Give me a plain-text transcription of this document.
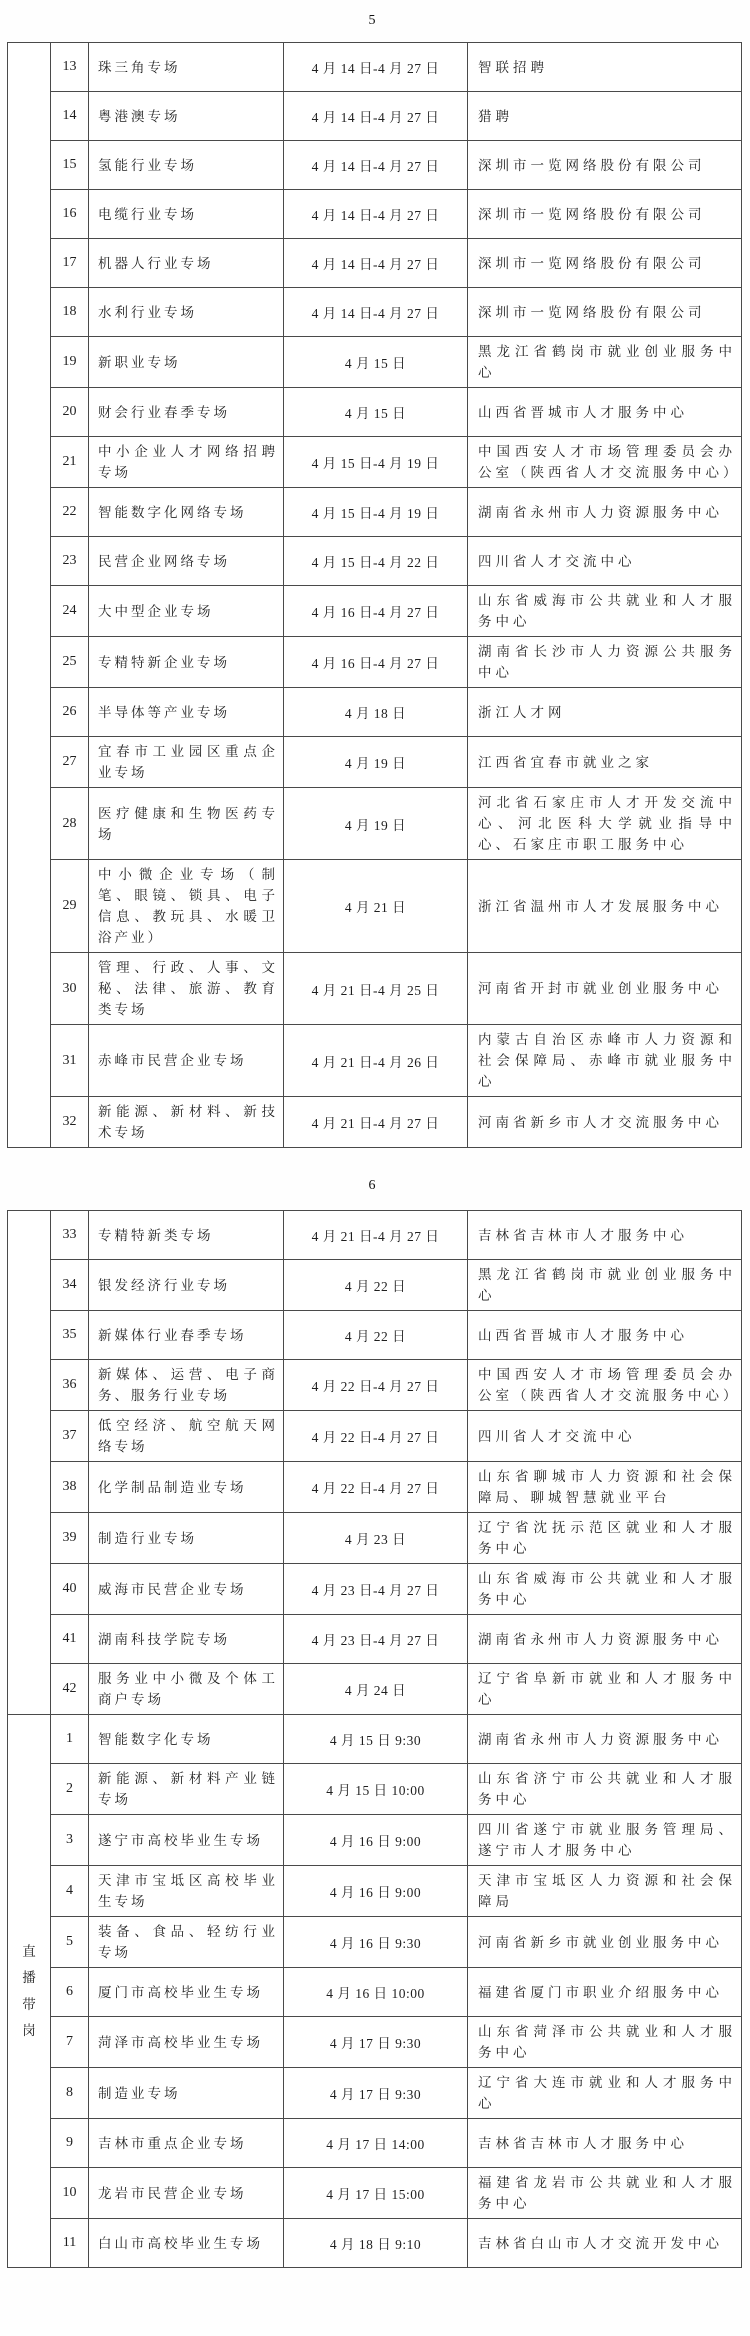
5
	13	珠三角专场	4 月 14 日-4 月 27 日	智联招聘
	14	粤港澳专场	4 月 14 日-4 月 27 日	猎聘
	15	氢能行业专场	4 月 14 日-4 月 27 日	深圳市一览网络股份有限公司
	16	电缆行业专场	4 月 14 日-4 月 27 日	深圳市一览网络股份有限公司
	17	机器人行业专场	4 月 14 日-4 月 27 日	深圳市一览网络股份有限公司
	18	水利行业专场	4 月 14 日-4 月 27 日	深圳市一览网络股份有限公司
	19	新职业专场	4 月 15 日	黑龙江省鹤岗市就业创业服务中心
	20	财会行业春季专场	4 月 15 日	山西省晋城市人才服务中心
	21	中小企业人才网络招聘专场	4 月 15 日-4 月 19 日	中国西安人才市场管理委员会办公室（陕西省人才交流服务中心）
	22	智能数字化网络专场	4 月 15 日-4 月 19 日	湖南省永州市人力资源服务中心
	23	民营企业网络专场	4 月 15 日-4 月 22 日	四川省人才交流中心
	24	大中型企业专场	4 月 16 日-4 月 27 日	山东省威海市公共就业和人才服务中心
	25	专精特新企业专场	4 月 16 日-4 月 27 日	湖南省长沙市人力资源公共服务中心
	26	半导体等产业专场	4 月 18 日	浙江人才网
	27	宜春市工业园区重点企业专场	4 月 19 日	江西省宜春市就业之家
	28	医疗健康和生物医药专场	4 月 19 日	河北省石家庄市人才开发交流中心、河北医科大学就业指导中心、石家庄市职工服务中心
	29	中小微企业专场（制笔、眼镜、锁具、电子信息、教玩具、水暖卫浴产业）	4 月 21 日	浙江省温州市人才发展服务中心
	30	管理、行政、人事、文秘、法律、旅游、教育类专场	4 月 21 日-4 月 25 日	河南省开封市就业创业服务中心
	31	赤峰市民营企业专场	4 月 21 日-4 月 26 日	内蒙古自治区赤峰市人力资源和社会保障局、赤峰市就业服务中心
	32	新能源、新材料、新技术专场	4 月 21 日-4 月 27 日	河南省新乡市人才交流服务中心
6
	33	专精特新类专场	4 月 21 日-4 月 27 日	吉林省吉林市人才服务中心
	34	银发经济行业专场	4 月 22 日	黑龙江省鹤岗市就业创业服务中心
	35	新媒体行业春季专场	4 月 22 日	山西省晋城市人才服务中心
	36	新媒体、运营、电子商务、服务行业专场	4 月 22 日-4 月 27 日	中国西安人才市场管理委员会办公室（陕西省人才交流服务中心）
	37	低空经济、航空航天网络专场	4 月 22 日-4 月 27 日	四川省人才交流中心
	38	化学制品制造业专场	4 月 22 日-4 月 27 日	山东省聊城市人力资源和社会保障局、聊城智慧就业平台
	39	制造行业专场	4 月 23 日	辽宁省沈抚示范区就业和人才服务中心
	40	威海市民营企业专场	4 月 23 日-4 月 27 日	山东省威海市公共就业和人才服务中心
	41	湖南科技学院专场	4 月 23 日-4 月 27 日	湖南省永州市人力资源服务中心
	42	服务业中小微及个体工商户专场	4 月 24 日	辽宁省阜新市就业和人才服务中心

直
播
带
岗	1	智能数字化专场	4 月 15 日 9:30	湖南省永州市人力资源服务中心
	2	新能源、新材料产业链专场	4 月 15 日 10:00	山东省济宁市公共就业和人才服务中心
	3	遂宁市高校毕业生专场	4 月 16 日 9:00	四川省遂宁市就业服务管理局、遂宁市人才服务中心
	4	天津市宝坻区高校毕业生专场	4 月 16 日 9:00	天津市宝坻区人力资源和社会保障局
	5	装备、食品、轻纺行业专场	4 月 16 日 9:30	河南省新乡市就业创业服务中心
	6	厦门市高校毕业生专场	4 月 16 日 10:00	福建省厦门市职业介绍服务中心
	7	菏泽市高校毕业生专场	4 月 17 日 9:30	山东省菏泽市公共就业和人才服务中心
	8	制造业专场	4 月 17 日 9:30	辽宁省大连市就业和人才服务中心
	9	吉林市重点企业专场	4 月 17 日 14:00	吉林省吉林市人才服务中心
	10	龙岩市民营企业专场	4 月 17 日 15:00	福建省龙岩市公共就业和人才服务中心
	11	白山市高校毕业生专场	4 月 18 日 9:10	吉林省白山市人才交流开发中心
